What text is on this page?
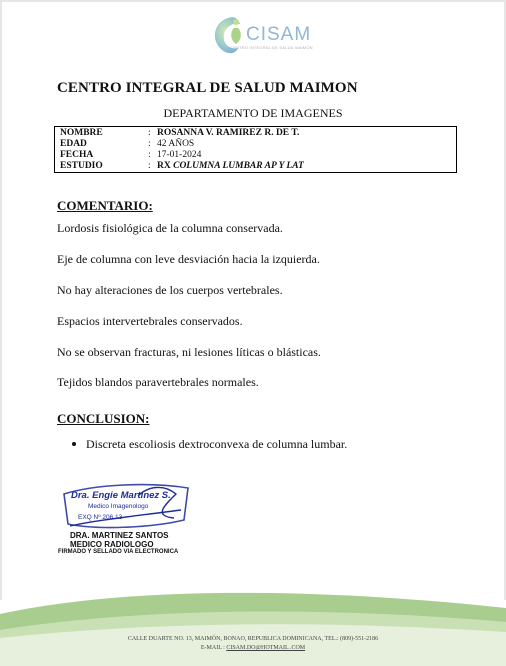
CISAM
CENTRO INTEGRAL DE SALUD MAIMON
CENTRO INTEGRAL DE SALUD MAIMON
DEPARTAMENTO DE IMAGENES
NOMBRE	: ROSANNA V. RAMIREZ R. DE T.
EDAD	: 42 AÑOS
FECHA	: 17-01-2024
ESTUDIO	: RX COLUMNA LUMBAR AP Y LAT
COMENTARIO:
Lordosis fisiológica de la columna conservada.
Eje de columna con leve desviación hacia la izquierda.
No hay alteraciones de los cuerpos vertebrales.
Espacios intervertebrales conservados.
No se observan fracturas, ni lesiones líticas o blásticas.
Tejidos blandos paravertebrales normales.
CONCLUSION:
Discreta escoliosis dextroconvexa de columna lumbar.
Dra. Engie Martinez S.
Medico Imagenologo
EXQ Nº 206 13
DRA. MARTINEZ SANTOS
MEDICO RADIOLOGO
FIRMADO Y SELLADO VIA ELECTRONICA
CALLE DUARTE NO. 13, MAIMÓN, BONAO, REPUBLICA DOMINICANA, TEL.: (809)-551-2186
E-MAIL : CISAM.DO@HOTMAIL .COM
